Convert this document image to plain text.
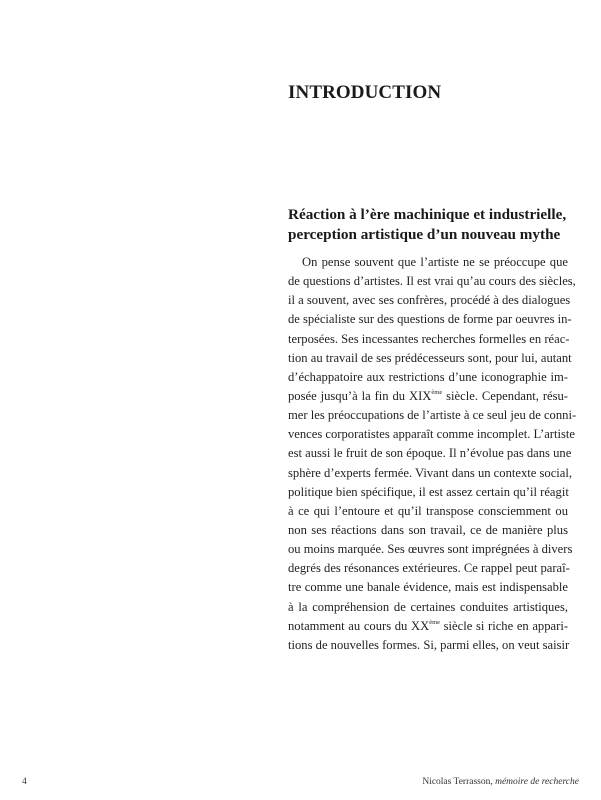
INTRODUCTION
Réaction à l’ère machinique et industrielle,
perception artistique d’un nouveau mythe
On pense souvent que l’artiste ne se préoccupe que
de questions d’artistes. Il est vrai qu’au cours des siècles,
il a souvent, avec ses confrères, procédé à des dialogues
de spécialiste sur des questions de forme par oeuvres in-
terposées. Ses incessantes recherches formelles en réac-
tion au travail de ses prédécesseurs sont, pour lui, autant
d’échappatoire aux restrictions d’une iconographie im-
posée jusqu’à la fin du XIXème siècle. Cependant, résu-
mer les préoccupations de l’artiste à ce seul jeu de conni-
vences corporatistes apparaît comme incomplet. L’artiste
est aussi le fruit de son époque. Il n’évolue pas dans une
sphère d’experts fermée. Vivant dans un contexte social,
politique bien spécifique, il est assez certain qu’il réagit
à ce qui l’entoure et qu’il transpose consciemment ou
non ses réactions dans son travail, ce de manière plus
ou moins marquée. Ses œuvres sont imprégnées à divers
degrés des résonances extérieures. Ce rappel peut paraî-
tre comme une banale évidence, mais est indispensable
à la compréhension de certaines conduites artistiques,
notamment au cours du XXème siècle si riche en appari-
tions de nouvelles formes. Si, parmi elles, on veut saisir
4	Nicolas Terrasson, mémoire de recherche
